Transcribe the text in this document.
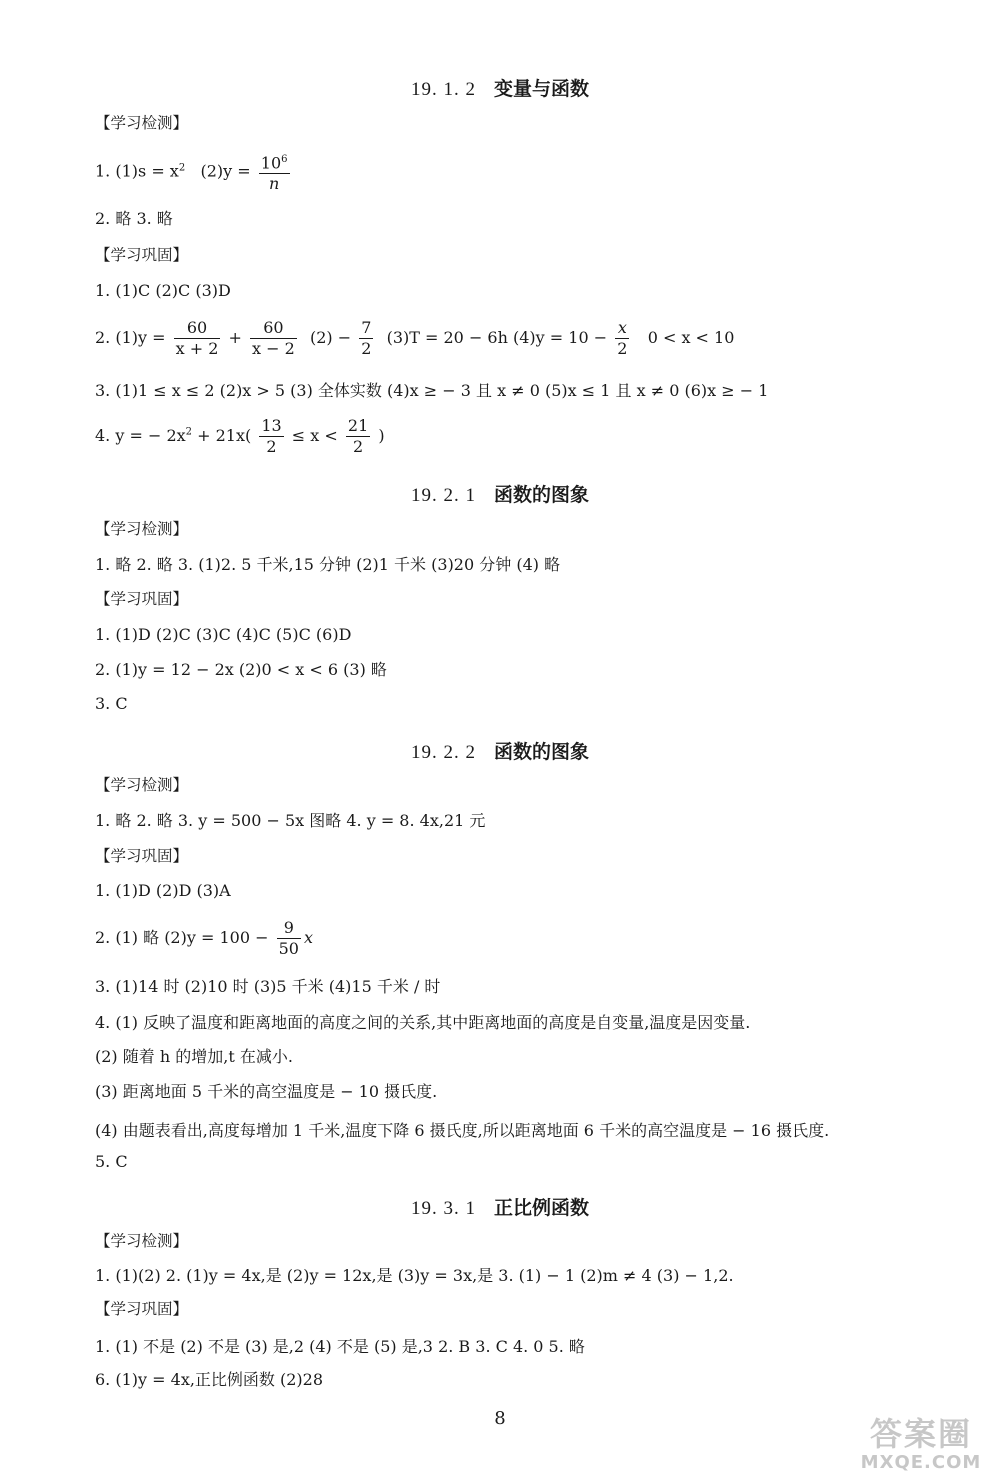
19. 1. 2 变量与函数
【学习检测】
1. $(1)s = x^2$ $(2)y = \frac{10^6}{n}$
2. 略 3. 略
【学习巩固】
1. (1)C (2)C (3)D
2. $(1)y = \frac{60}{x + 2} + \frac{60}{x - 2} (2) - \frac{7}{2} (3)T = 20 - 6h$ $(4)y = 10 - \frac{x}{2} 0 < x < 10$
3. (1)1 ≤ x ≤ 2 (2)x > 5 (3) 全体实数 (4)x ≥ − 3 且 x ≠ 0 (5)x ≤ 1 且 x ≠ 0 (6)x ≥ − 1
4. y = − $2x^2 + 21x( \frac{13}{2} \le x < \frac{21}{2}$ )
19. 2. 1 函数的图象
【学习检测】
1. 略 2. 略 3. (1)2. 5 千米,15 分钟 (2)1 千米 (3)20 分钟 (4) 略
【学习巩固】
1. (1)D (2)C (3)C (4)C (5)C (6)D
2. (1)y = 12 − 2x (2)0 < x < 6 (3) 略
3. C
19. 2. 2 函数的图象
【学习检测】
1. 略 2. 略 3. y = 500 − 5x 图略 4. y = 8. 4x,21 元
【学习巩固】
1. (1)D (2)D (3)A
2. (1) 略 $(2)y = 100 - \frac{9}{50}$ x
3. (1)14 时 (2)10 时 (3)5 千米 (4)15 千米 / 时
4. (1) 反映了温度和距离地面的高度之间的关系,其中距离地面的高度是自变量,温度是因变量.
(2) 随着 h 的增加,t 在减小.
(3) 距离地面 5 千米的高空温度是 − 10 摄氏度.
(4) 由题表看出,高度每增加 1 千米,温度下降 6 摄氏度,所以距离地面 6 千米的高空温度是 − 16 摄氏度.
5. C
19. 3. 1 正比例函数
【学习检测】
1. (1)(2) 2. (1)y = 4x,是 (2)y = 12x,是 (3)y = 3x,是 3. (1) − 1 (2)m ≠ 4 (3) − 1,2.
【学习巩固】
1. (1) 不是 (2) 不是 (3) 是,2 (4) 不是 (5) 是,3 2. B 3. C 4. 0 5. 略
6. (1)y = 4x,正比例函数 (2)28
8	答案圈
MXQE.COM
